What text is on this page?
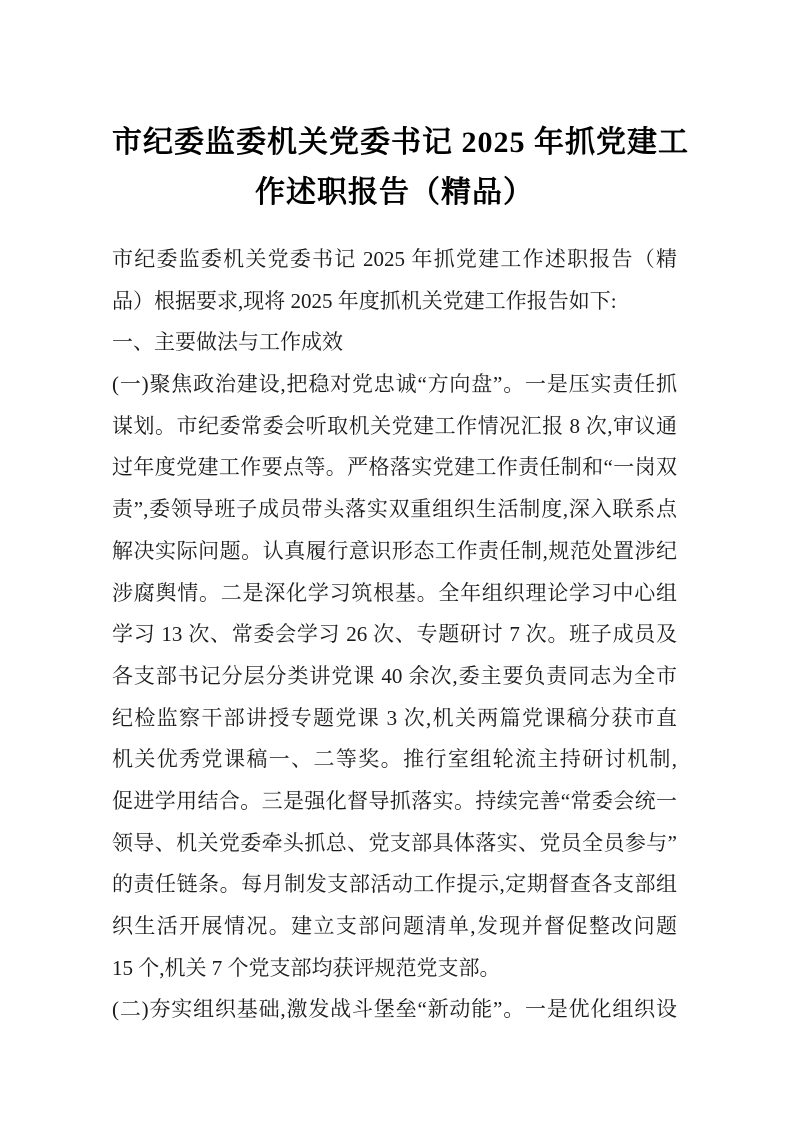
市纪委监委机关党委书记 2025 年抓党建工
作述职报告（精品）
市纪委监委机关党委书记 2025 年抓党建工作述职报告（精
品）根据要求,现将 2025 年度抓机关党建工作报告如下:
一、主要做法与工作成效
(一)聚焦政治建设,把稳对党忠诚“方向盘”。一是压实责任抓
谋划。市纪委常委会听取机关党建工作情况汇报 8 次,审议通
过年度党建工作要点等。严格落实党建工作责任制和“一岗双
责”,委领导班子成员带头落实双重组织生活制度,深入联系点
解决实际问题。认真履行意识形态工作责任制,规范处置涉纪
涉腐舆情。二是深化学习筑根基。全年组织理论学习中心组
学习 13 次、常委会学习 26 次、专题研讨 7 次。班子成员及
各支部书记分层分类讲党课 40 余次,委主要负责同志为全市
纪检监察干部讲授专题党课 3 次,机关两篇党课稿分获市直
机关优秀党课稿一、二等奖。推行室组轮流主持研讨机制,
促进学用结合。三是强化督导抓落实。持续完善“常委会统一
领导、机关党委牵头抓总、党支部具体落实、党员全员参与”
的责任链条。每月制发支部活动工作提示,定期督查各支部组
织生活开展情况。建立支部问题清单,发现并督促整改问题
15 个,机关 7 个党支部均获评规范党支部。
(二)夯实组织基础,激发战斗堡垒“新动能”。一是优化组织设
